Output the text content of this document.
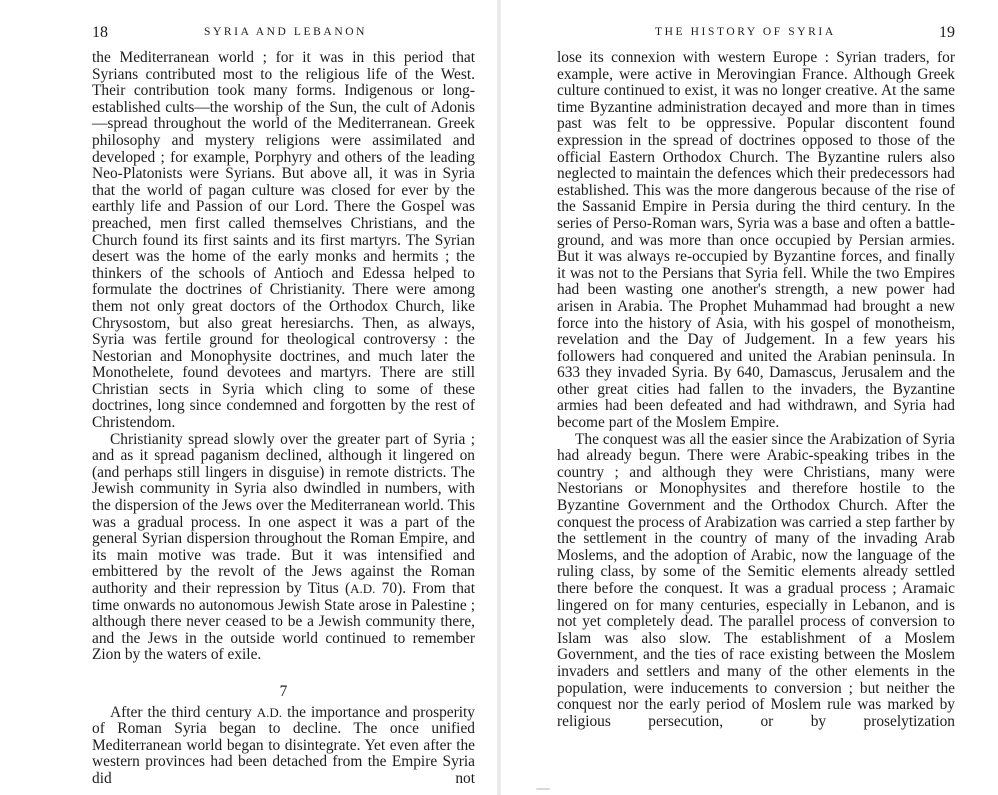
18	SYRIA AND LEBANON

the Mediterranean world ; for it was in this period that Syrians contributed most to the religious life of the West. Their contribution took many forms. Indigenous or long-established cults—the worship of the Sun, the cult of Adonis—spread throughout the world of the Mediterranean. Greek philosophy and mystery religions were assimilated and developed ; for example, Porphyry and others of the leading Neo-Platonists were Syrians. But above all, it was in Syria that the world of pagan culture was closed for ever by the earthly life and Passion of our Lord. There the Gospel was preached, men first called themselves Christians, and the Church found its first saints and its first martyrs. The Syrian desert was the home of the early monks and hermits ; the thinkers of the schools of Antioch and Edessa helped to formulate the doctrines of Christianity. There were among them not only great doctors of the Orthodox Church, like Chrysostom, but also great heresiarchs. Then, as always, Syria was fertile ground for theological controversy : the Nestorian and Monophysite doctrines, and much later the Monothelete, found devotees and martyrs. There are still Christian sects in Syria which cling to some of these doctrines, long since condemned and forgotten by the rest of Christendom.

Christianity spread slowly over the greater part of Syria ; and as it spread paganism declined, although it lingered on (and perhaps still lingers in disguise) in remote districts. The Jewish community in Syria also dwindled in numbers, with the dispersion of the Jews over the Mediterranean world. This was a gradual process. In one aspect it was a part of the general Syrian dispersion throughout the Roman Empire, and its main motive was trade. But it was intensified and embittered by the revolt of the Jews against the Roman authority and their repression by Titus (A.D. 70). From that time onwards no autonomous Jewish State arose in Palestine ; although there never ceased to be a Jewish community there, and the Jews in the outside world continued to remember Zion by the waters of exile.

7

After the third century A.D. the importance and prosperity of Roman Syria began to decline. The once unified Mediterranean world began to disintegrate. Yet even after the western provinces had been detached from the Empire Syria did not

THE HISTORY OF SYRIA	19

lose its connexion with western Europe : Syrian traders, for example, were active in Merovingian France. Although Greek culture continued to exist, it was no longer creative. At the same time Byzantine administration decayed and more than in times past was felt to be oppressive. Popular discontent found expression in the spread of doctrines opposed to those of the official Eastern Orthodox Church. The Byzantine rulers also neglected to maintain the defences which their predecessors had established. This was the more dangerous because of the rise of the Sassanid Empire in Persia during the third century. In the series of Perso-Roman wars, Syria was a base and often a battle-ground, and was more than once occupied by Persian armies. But it was always re-occupied by Byzantine forces, and finally it was not to the Persians that Syria fell. While the two Empires had been wasting one another's strength, a new power had arisen in Arabia. The Prophet Muhammad had brought a new force into the history of Asia, with his gospel of monotheism, revelation and the Day of Judgement. In a few years his followers had conquered and united the Arabian peninsula. In 633 they invaded Syria. By 640, Damascus, Jerusalem and the other great cities had fallen to the invaders, the Byzantine armies had been defeated and had withdrawn, and Syria had become part of the Moslem Empire.

The conquest was all the easier since the Arabization of Syria had already begun. There were Arabic-speaking tribes in the country ; and although they were Christians, many were Nestorians or Monophysites and therefore hostile to the Byzantine Government and the Orthodox Church. After the conquest the process of Arabization was carried a step farther by the settlement in the country of many of the invading Arab Moslems, and the adoption of Arabic, now the language of the ruling class, by some of the Semitic elements already settled there before the conquest. It was a gradual process ; Aramaic lingered on for many centuries, especially in Lebanon, and is not yet completely dead. The parallel process of conversion to Islam was also slow. The establishment of a Moslem Government, and the ties of race existing between the Moslem invaders and settlers and many of the other elements in the population, were inducements to conversion ; but neither the conquest nor the early period of Moslem rule was marked by religious persecution, or by proselytization
